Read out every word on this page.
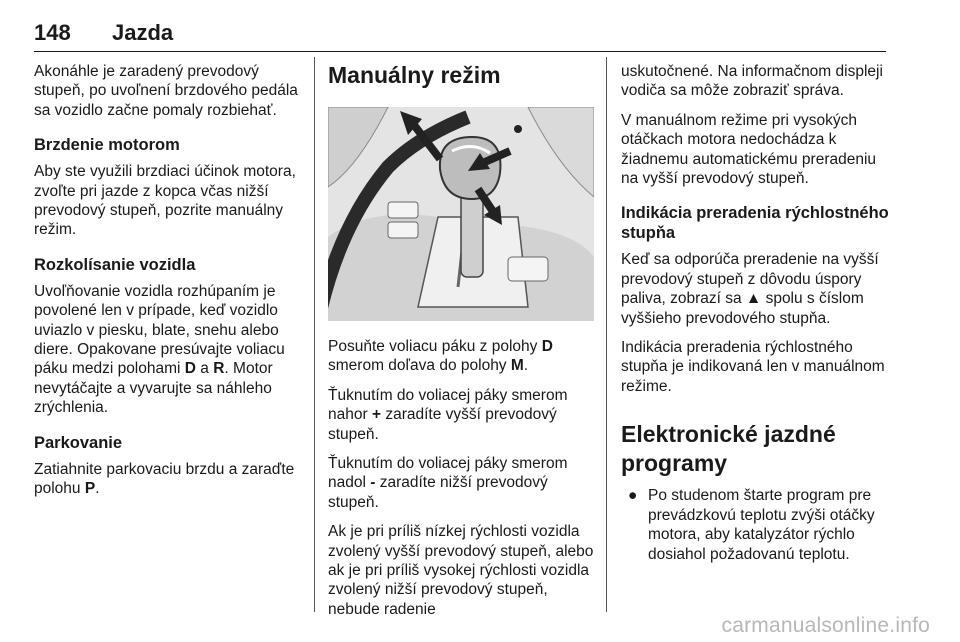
148 Jazda

Akonáhle je zaradený prevodový stupeň, po uvoľnení brzdového pedála sa vozidlo začne pomaly rozbiehať.

Brzdenie motorom

Aby ste využili brzdiaci účinok motora, zvoľte pri jazde z kopca včas nižší prevodový stupeň, pozrite manuálny režim.

Rozkolísanie vozidla

Uvoľňovanie vozidla rozhúpaním je povolené len v prípade, keď vozidlo uviazlo v piesku, blate, snehu alebo diere. Opakovane presúvajte voliacu páku medzi polohami D a R. Motor nevytáčajte a vyvarujte sa náhleho zrýchlenia.

Parkovanie

Zatiahnite parkovaciu brzdu a zaraďte polohu P.

Manuálny režim

Posuňte voliacu páku z polohy D smerom doľava do polohy M.

Ťuknutím do voliacej páky smerom nahor + zaradíte vyšší prevodový stupeň.

Ťuknutím do voliacej páky smerom nadol - zaradíte nižší prevodový stupeň.

Ak je pri príliš nízkej rýchlosti vozidla zvolený vyšší prevodový stupeň, alebo ak je pri príliš vysokej rýchlosti vozidla zvolený nižší prevodový stupeň, nebude radenie

uskutočnené. Na informačnom displeji vodiča sa môže zobraziť správa.

V manuálnom režime pri vysokých otáčkach motora nedochádza k žiadnemu automatickému preradeniu na vyšší prevodový stupeň.

Indikácia preradenia rýchlostného stupňa

Keď sa odporúča preradenie na vyšší prevodový stupeň z dôvodu úspory paliva, zobrazí sa ▲ spolu s číslom vyššieho prevodového stupňa.

Indikácia preradenia rýchlostného stupňa je indikovaná len v manuálnom režime.

Elektronické jazdné programy
● Po studenom štarte program pre prevádzkovú teplotu zvýši otáčky motora, aby katalyzátor rýchlo dosiahol požadovanú teplotu.
carmanualsonline.info
